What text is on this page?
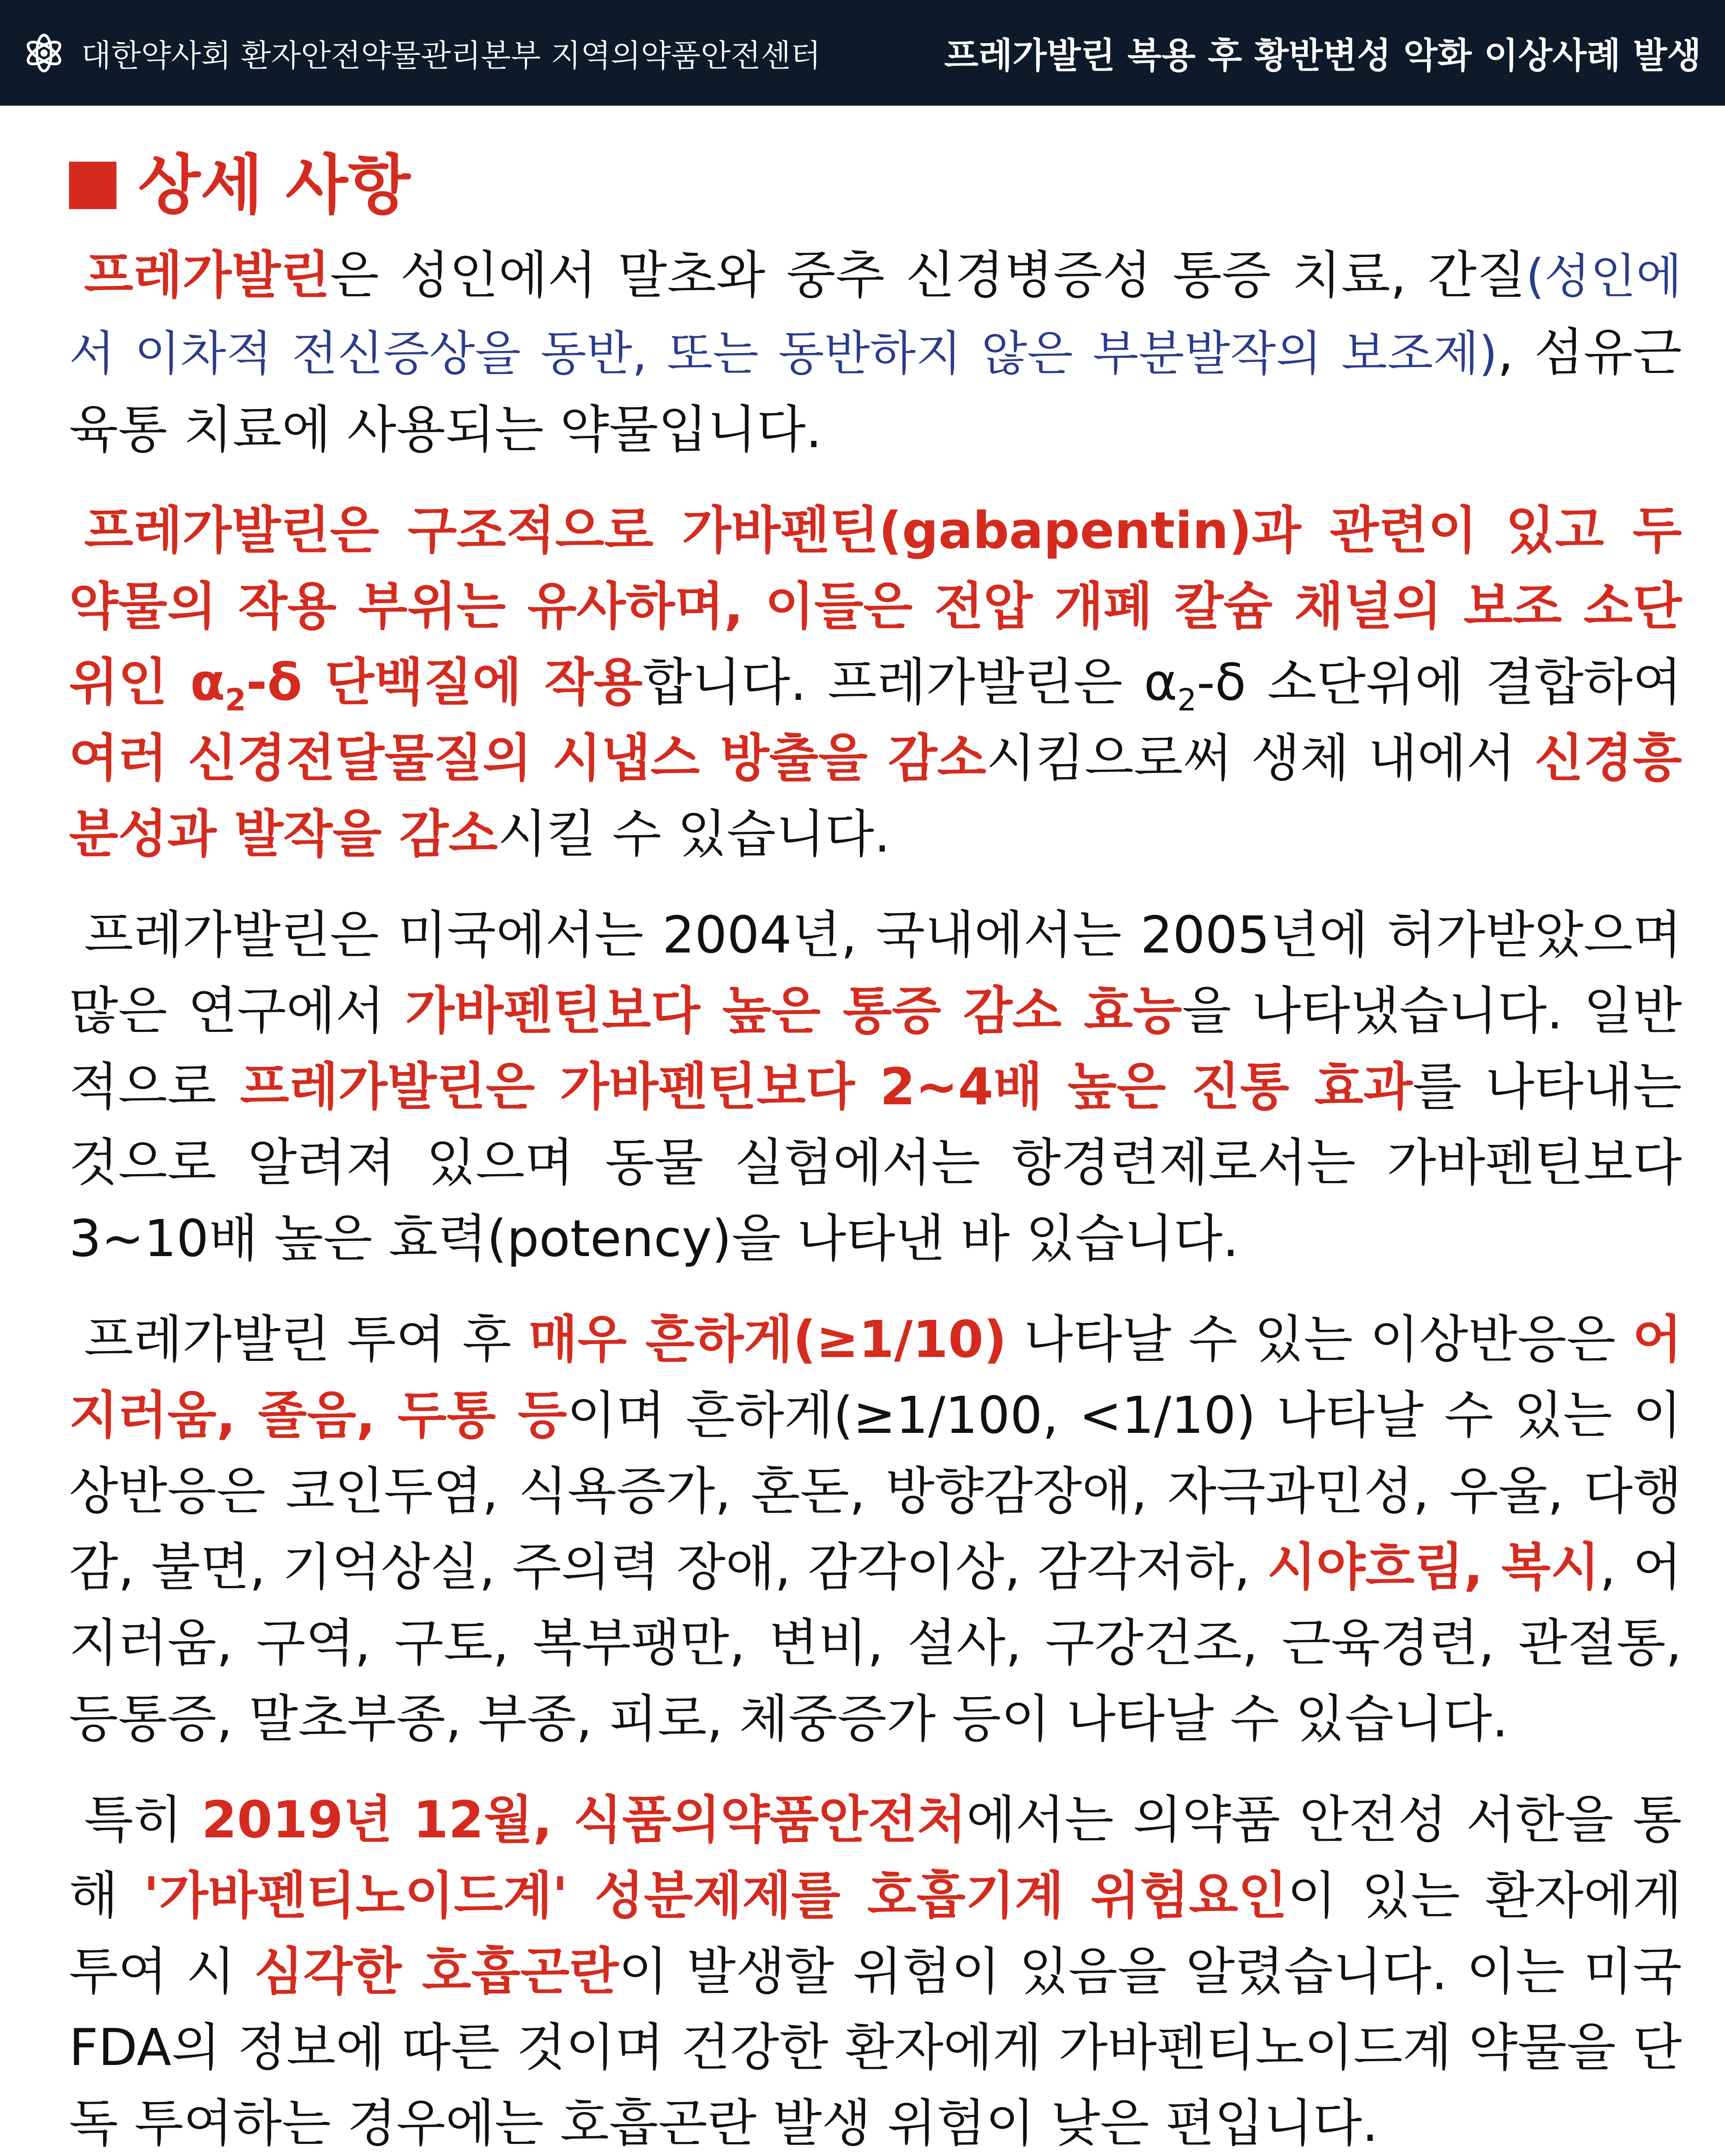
대한약사회 환자안전약물관리본부 지역의약품안전센터	프레가발린 복용 후 황반변성 악화 이상사례 발생
상세 사항

프레가발린은 성인에서 말초와 중추 신경병증성 통증 치료, 간질(성인에서 이차적 전신증상을 동반, 또는 동반하지 않은 부분발작의 보조제), 섬유근육통 치료에 사용되는 약물입니다.

프레가발린은 구조적으로 가바펜틴(gabapentin)과 관련이 있고 두 약물의 작용 부위는 유사하며, 이들은 전압 개폐 칼슘 채널의 보조 소단위인 $\alpha_2-\delta$ 단백질에 작용합니다. 프레가발린은 $\alpha_2-\delta$ 소단위에 결합하여 여러 신경전달물질의 시냅스 방출을 감소시킴으로써 생체 내에서 신경흥분성과 발작을 감소시킬 수 있습니다.

프레가발린은 미국에서는 2004년, 국내에서는 2005년에 허가받았으며 많은 연구에서 가바펜틴보다 높은 통증 감소 효능을 나타냈습니다. 일반적으로 프레가발린은 가바펜틴보다 2~4배 높은 진통 효과를 나타내는 것으로 알려져 있으며 동물 실험에서는 항경련제로서는 가바펜틴보다 3~10배 높은 효력(potency)을 나타낸 바 있습니다.

프레가발린 투여 후 매우 흔하게(≥1/10) 나타날 수 있는 이상반응은 어지러움, 졸음, 두통 등이며 흔하게(≥1/100, <1/10) 나타날 수 있는 이상반응은 코인두염, 식욕증가, 혼돈, 방향감장애, 자극과민성, 우울, 다행감, 불면, 기억상실, 주의력 장애, 감각이상, 감각저하, 시야흐림, 복시, 어지러움, 구역, 구토, 복부팽만, 변비, 설사, 구강건조, 근육경련, 관절통, 등통증, 말초부종, 부종, 피로, 체중증가 등이 나타날 수 있습니다.

특히 2019년 12월, 식품의약품안전처에서는 의약품 안전성 서한을 통해 '가바펜티노이드계' 성분제제를 호흡기계 위험요인이 있는 환자에게 투여 시 심각한 호흡곤란이 발생할 위험이 있음을 알렸습니다. 이는 미국 FDA의 정보에 따른 것이며 건강한 환자에게 가바펜티노이드계 약물을 단독 투여하는 경우에는 호흡곤란 발생 위험이 낮은 편입니다.
